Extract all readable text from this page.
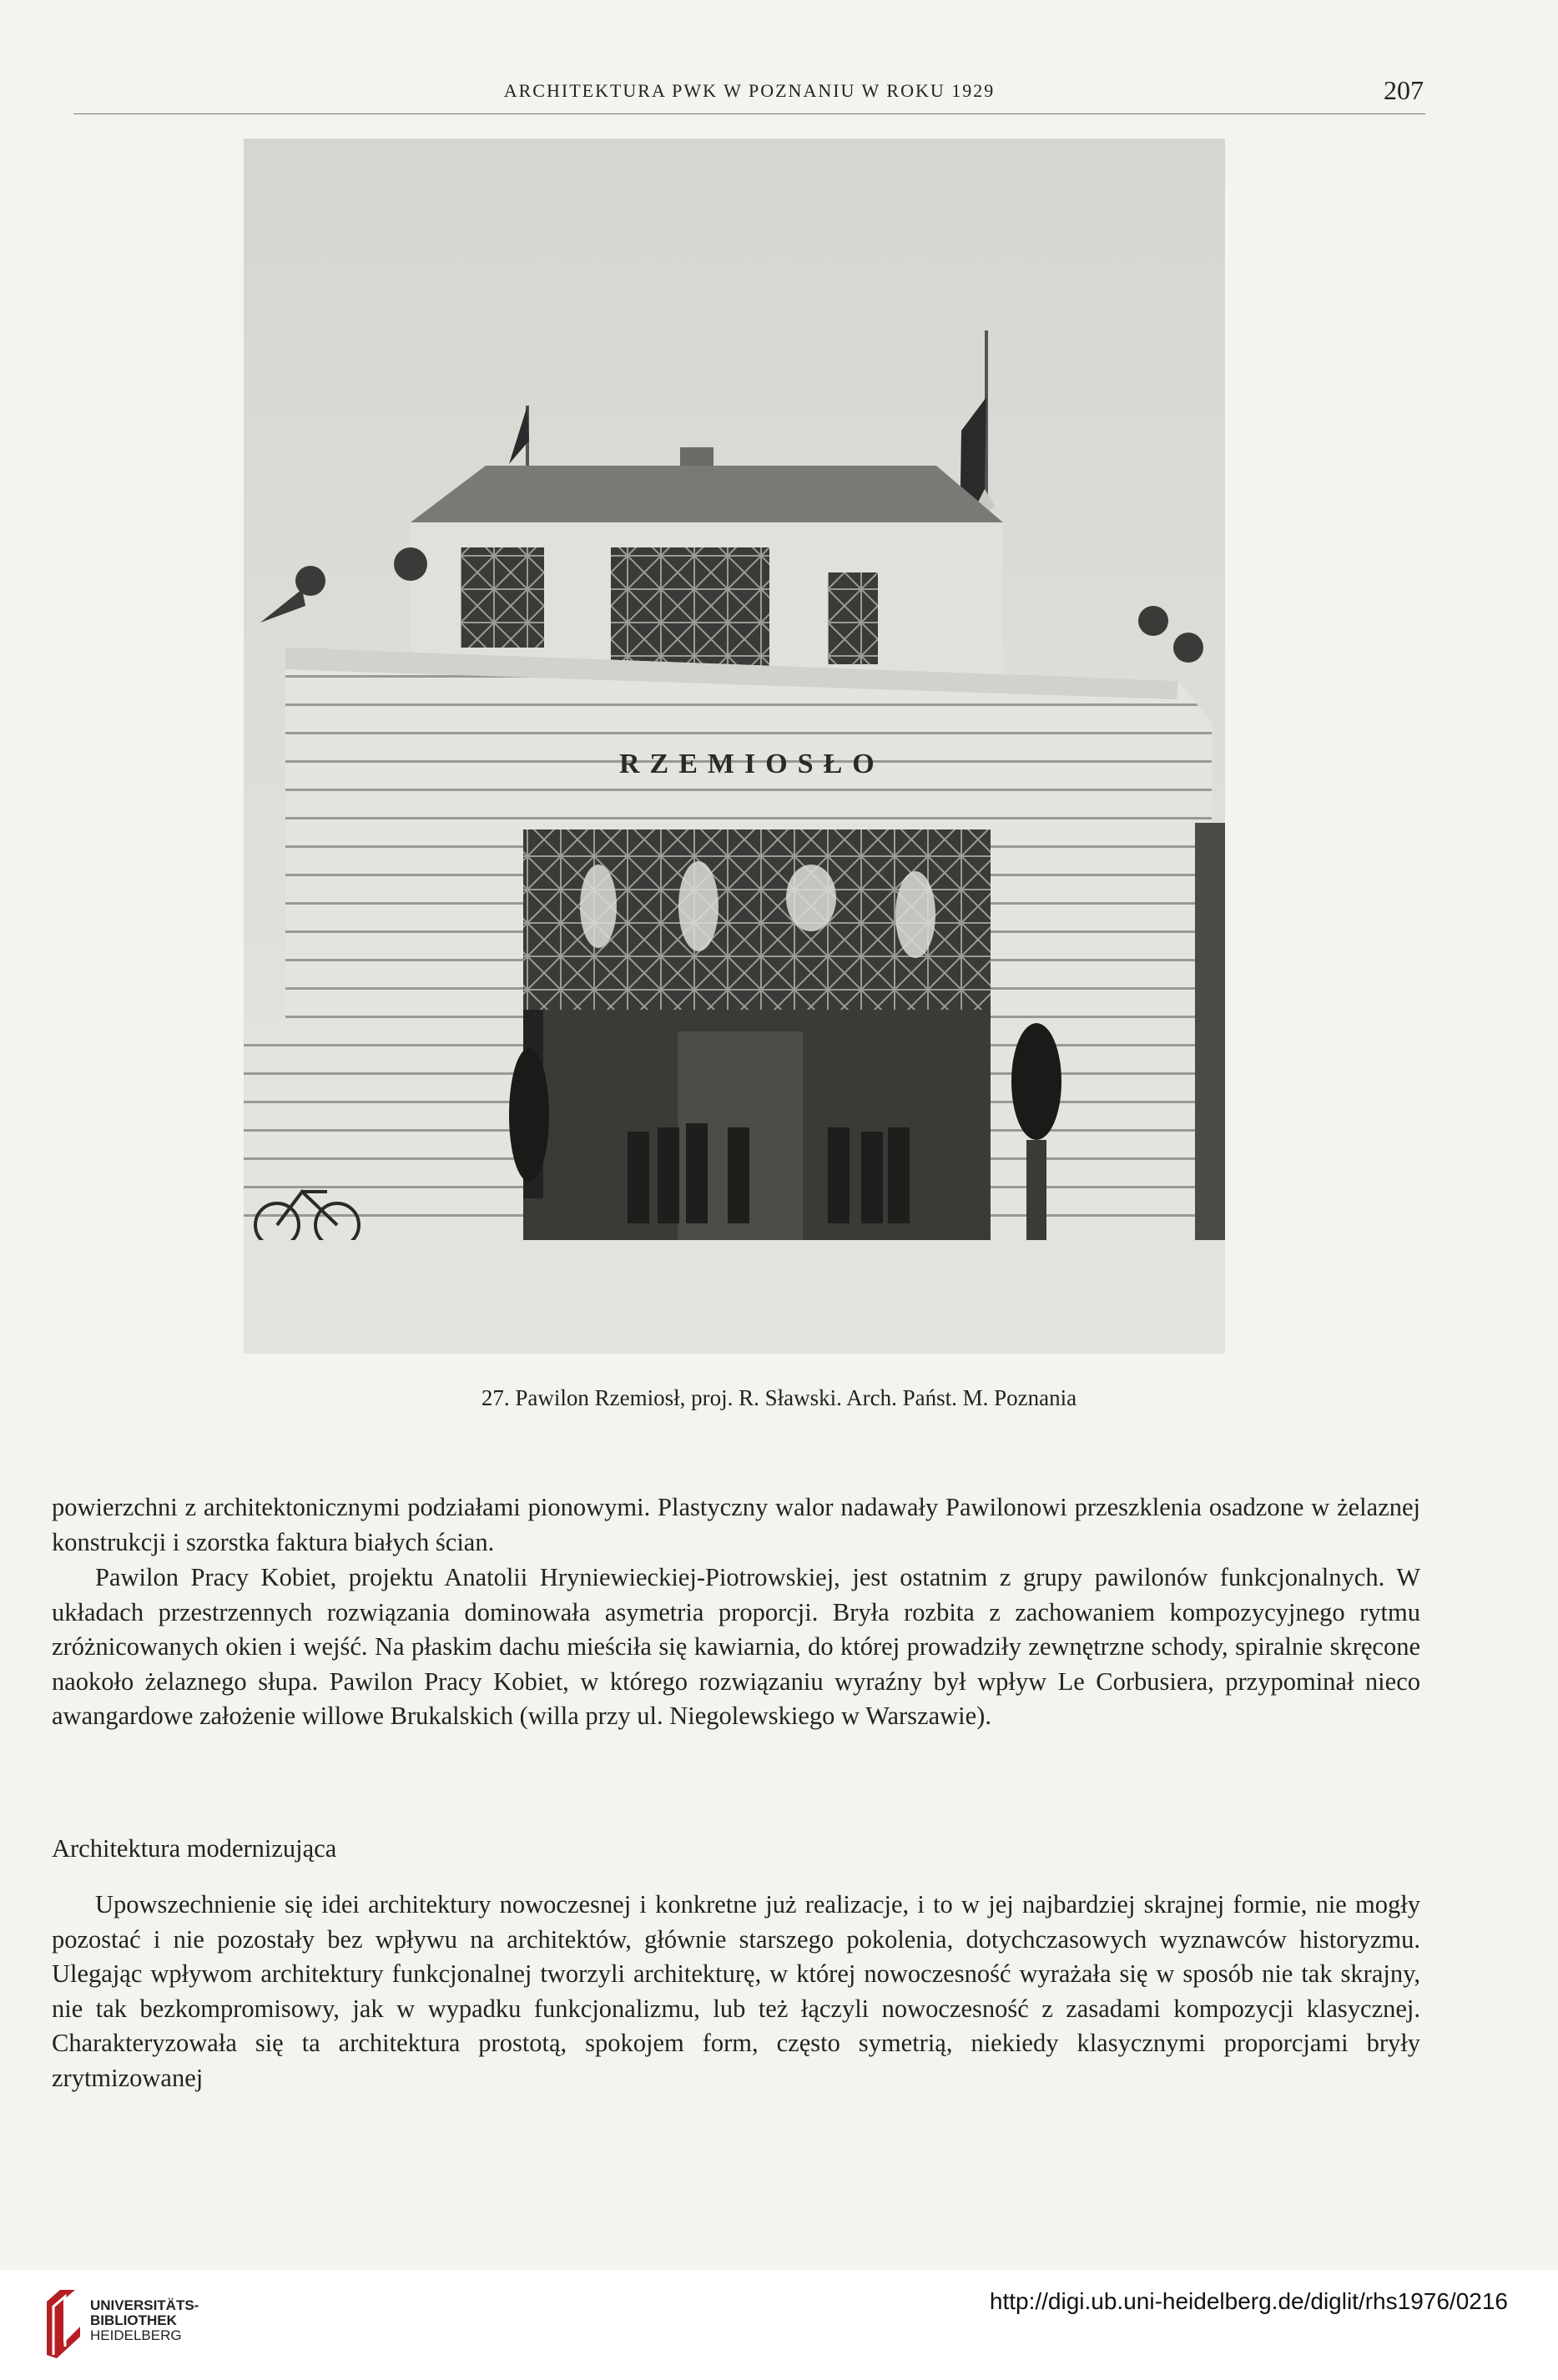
ARCHITEKTURA PWK W POZNANIU W ROKU 1929	207
RZEMIOSŁO
27. Pawilon Rzemiosł, proj. R. Sławski. Arch. Państ. M. Poznania
powierzchni z architektonicznymi podziałami pionowymi. Plastyczny walor nadawały Pawilonowi przeszklenia osadzone w żelaznej konstrukcji i szorstka faktura białych ścian.
Pawilon Pracy Kobiet, projektu Anatolii Hryniewieckiej-Piotrowskiej, jest ostatnim z grupy pawilonów funkcjonalnych. W układach przestrzennych rozwiązania dominowała asymetria proporcji. Bryła rozbita z zachowaniem kompozycyjnego rytmu zróżnicowanych okien i wejść. Na płaskim dachu mieściła się kawiarnia, do której prowadziły zewnętrzne schody, spiralnie skręcone naokoło żelaznego słupa. Pawilon Pracy Kobiet, w którego rozwiązaniu wyraźny był wpływ Le Corbusiera, przypominał nieco awangardowe założenie willowe Brukalskich (willa przy ul. Niegolewskiego w Warszawie).
Architektura modernizująca
Upowszechnienie się idei architektury nowoczesnej i konkretne już realizacje, i to w jej najbardziej skrajnej formie, nie mogły pozostać i nie pozostały bez wpływu na architektów, głównie starszego pokolenia, dotychczasowych wyznawców historyzmu. Ulegając wpływom architektury funkcjonalnej tworzyli architekturę, w której nowoczesność wyrażała się w sposób nie tak skrajny, nie tak bezkompromisowy, jak w wypadku funkcjonalizmu, lub też łączyli nowoczesność z zasadami kompozycji klasycznej. Charakteryzowała się ta architektura prostotą, spokojem form, często symetrią, niekiedy klasycznymi proporcjami bryły zrytmizowanej
UNIVERSITÄTS-
BIBLIOTHEK
HEIDELBERG
http://digi.ub.uni-heidelberg.de/diglit/rhs1976/0216
